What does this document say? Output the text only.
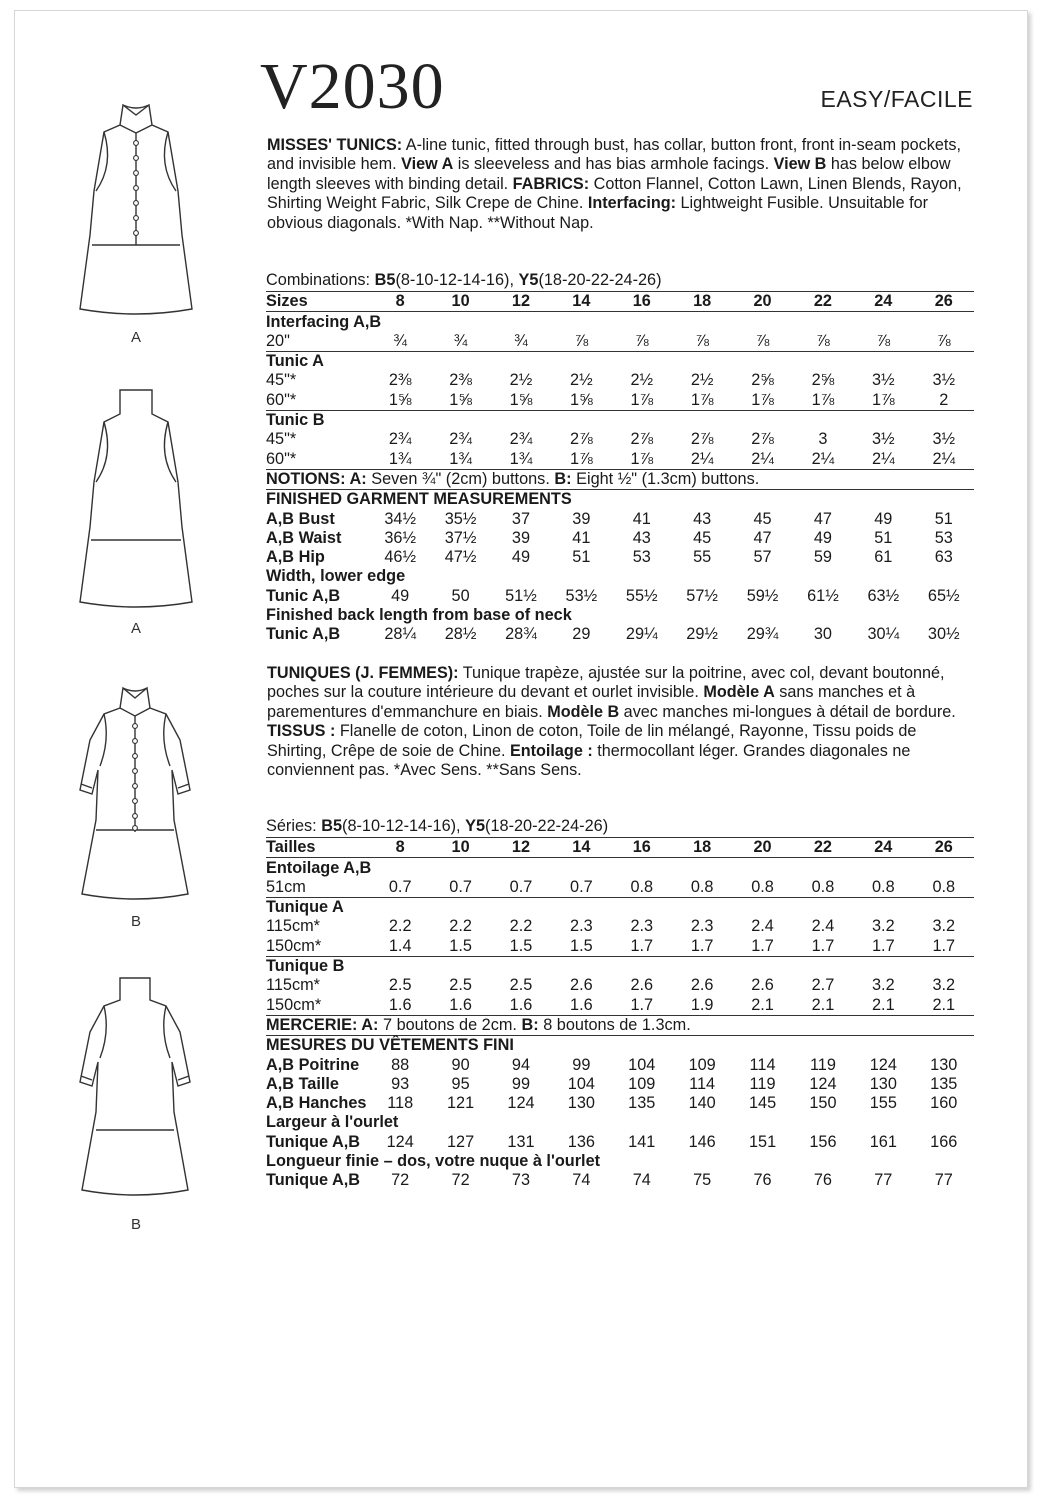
V2030	EASY/FACILE
MISSES' TUNICS: A-line tunic, fitted through bust, has collar, button front, front in-seam pockets, and invisible hem. View A is sleeveless and has bias armhole facings. View B has below elbow length sleeves with binding detail. FABRICS: Cotton Flannel, Cotton Lawn, Linen Blends, Rayon, Shirting Weight Fabric, Silk Crepe de Chine. Interfacing: Lightweight Fusible. Unsuitable for obvious diagonals. *With Nap. **Without Nap.
Combinations: B5(8-10-12-14-16), Y5(18-20-22-24-26)
Sizes	8	10	12	14	16	18	20	22	24	26
Interfacing A,B										
20"	¾	¾	¾	⅞	⅞	⅞	⅞	⅞	⅞	⅞
Tunic A										
45"*	2⅜	2⅜	2½	2½	2½	2½	2⅝	2⅝	3½	3½
60"*	1⅝	1⅝	1⅝	1⅝	1⅞	1⅞	1⅞	1⅞	1⅞	2
Tunic B										
45"*	2¾	2¾	2¾	2⅞	2⅞	2⅞	2⅞	3	3½	3½
60"*	1¾	1¾	1¾	1⅞	1⅞	2¼	2¼	2¼	2¼	2¼
NOTIONS: A: Seven ¾" (2cm) buttons. B: Eight ½" (1.3cm) buttons.										
FINISHED GARMENT MEASUREMENTS										
A,B Bust	34½	35½	37	39	41	43	45	47	49	51
A,B Waist	36½	37½	39	41	43	45	47	49	51	53
A,B Hip	46½	47½	49	51	53	55	57	59	61	63
Width, lower edge										
Tunic A,B	49	50	51½	53½	55½	57½	59½	61½	63½	65½
Finished back length from base of neck										
Tunic A,B	28¼	28½	28¾	29	29¼	29½	29¾	30	30¼	30½
TUNIQUES (J. FEMMES): Tunique trapèze, ajustée sur la poitrine, avec col, devant boutonné, poches sur la couture intérieure du devant et ourlet invisible. Modèle A sans manches et à parementures d'emmanchure en biais. Modèle B avec manches mi-longues à détail de bordure. TISSUS : Flanelle de coton, Linon de coton, Toile de lin mélangé, Rayonne, Tissu poids de Shirting, Crêpe de soie de Chine. Entoilage : thermocollant léger. Grandes diagonales ne conviennent pas. *Avec Sens. **Sans Sens.
Séries: B5(8-10-12-14-16), Y5(18-20-22-24-26)
Tailles	8	10	12	14	16	18	20	22	24	26
Entoilage A,B										
51cm	0.7	0.7	0.7	0.7	0.8	0.8	0.8	0.8	0.8	0.8
Tunique A										
115cm*	2.2	2.2	2.2	2.3	2.3	2.3	2.4	2.4	3.2	3.2
150cm*	1.4	1.5	1.5	1.5	1.7	1.7	1.7	1.7	1.7	1.7
Tunique B										
115cm*	2.5	2.5	2.5	2.6	2.6	2.6	2.6	2.7	3.2	3.2
150cm*	1.6	1.6	1.6	1.6	1.7	1.9	2.1	2.1	2.1	2.1
MERCERIE: A: 7 boutons de 2cm. B: 8 boutons de 1.3cm.										
MESURES DU VÊTEMENTS FINI										
A,B Poitrine	88	90	94	99	104	109	114	119	124	130
A,B Taille	93	95	99	104	109	114	119	124	130	135
A,B Hanches	118	121	124	130	135	140	145	150	155	160
Largeur à l'ourlet										
Tunique A,B	124	127	131	136	141	146	151	156	161	166
Longueur finie – dos, votre nuque à l'ourlet										
Tunique A,B	72	72	73	74	74	75	76	76	77	77
A
A
B
B
